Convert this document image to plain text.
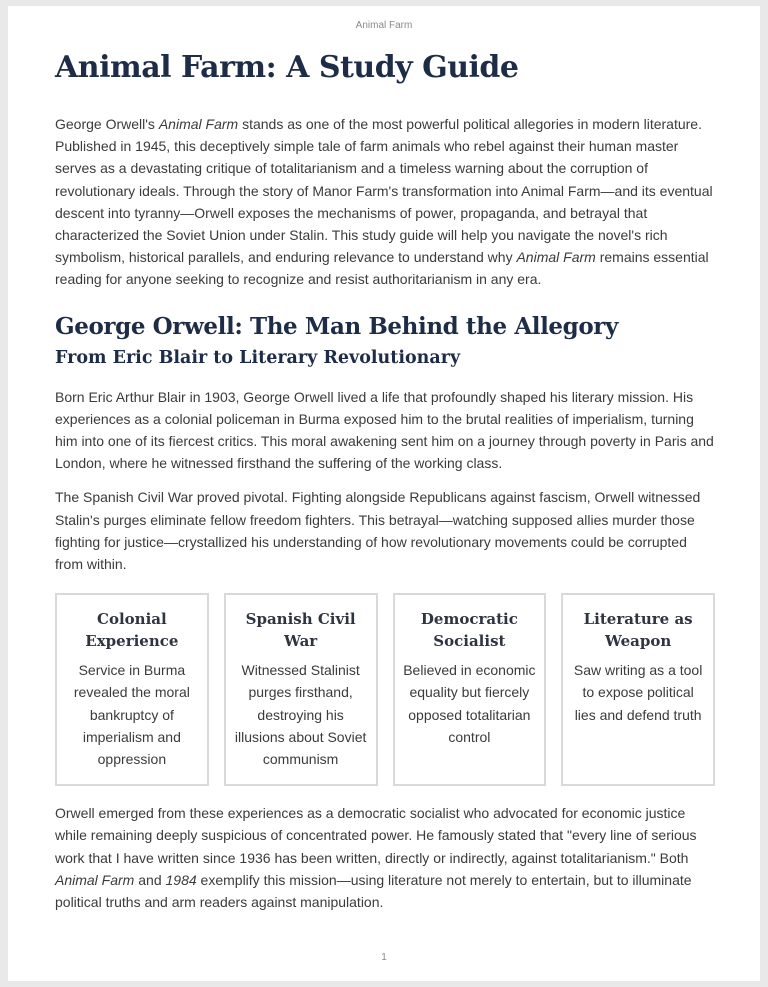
Animal Farm
Animal Farm: A Study Guide

George Orwell's Animal Farm stands as one of the most powerful political allegories in modern literature. Published in 1945, this deceptively simple tale of farm animals who rebel against their human master serves as a devastating critique of totalitarianism and a timeless warning about the corruption of revolutionary ideals. Through the story of Manor Farm's transformation into Animal Farm—and its eventual descent into tyranny—Orwell exposes the mechanisms of power, propaganda, and betrayal that characterized the Soviet Union under Stalin. This study guide will help you navigate the novel's rich symbolism, historical parallels, and enduring relevance to understand why Animal Farm remains essential reading for anyone seeking to recognize and resist authoritarianism in any era.

George Orwell: The Man Behind the Allegory
From Eric Blair to Literary Revolutionary

Born Eric Arthur Blair in 1903, George Orwell lived a life that profoundly shaped his literary mission. His experiences as a colonial policeman in Burma exposed him to the brutal realities of imperialism, turning him into one of its fiercest critics. This moral awakening sent him on a journey through poverty in Paris and London, where he witnessed firsthand the suffering of the working class.

The Spanish Civil War proved pivotal. Fighting alongside Republicans against fascism, Orwell witnessed Stalin's purges eliminate fellow freedom fighters. This betrayal—watching supposed allies murder those fighting for justice—crystallized his understanding of how revolutionary movements could be corrupted from within.

Colonial Experience
Service in Burma revealed the moral bankruptcy of imperialism and oppression
Spanish Civil War
Witnessed Stalinist purges firsthand, destroying his illusions about Soviet communism
Democratic Socialist
Believed in economic equality but fiercely opposed totalitarian control
Literature as Weapon
Saw writing as a tool to expose political lies and defend truth

Orwell emerged from these experiences as a democratic socialist who advocated for economic justice while remaining deeply suspicious of concentrated power. He famously stated that "every line of serious work that I have written since 1936 has been written, directly or indirectly, against totalitarianism." Both Animal Farm and 1984 exemplify this mission—using literature not merely to entertain, but to illuminate political truths and arm readers against manipulation.

1
